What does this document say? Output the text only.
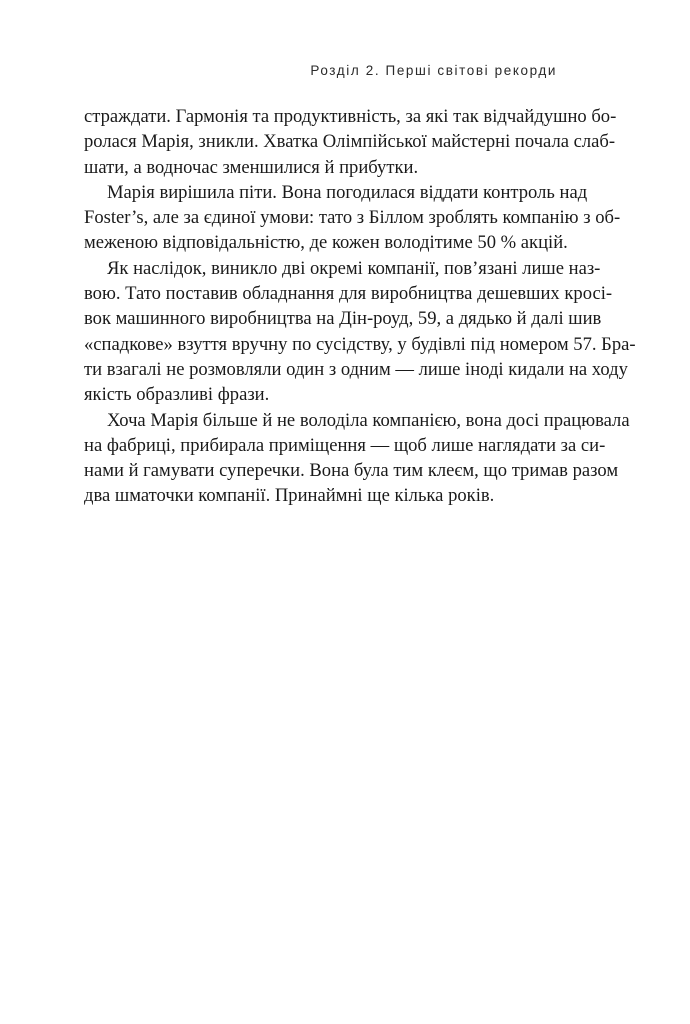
Розділ 2. Перші світові рекорди
страждати. Гармонія та продуктивність, за які так відчайдушно бо-
ролася Марія, зникли. Хватка Олімпійської майстерні почала слаб-
шати, а водночас зменшилися й прибутки.
Марія вирішила піти. Вона погодилася віддати контроль над
Foster’s, але за єдиної умови: тато з Біллом зроблять компанію з об-
меженою відповідальністю, де кожен володітиме 50 % акцій.
Як наслідок, виникло дві окремі компанії, пов’язані лише наз-
вою. Тато поставив обладнання для виробництва дешевших кросі-
вок машинного виробництва на Дін-роуд, 59, а дядько й далі шив
«спадкове» взуття вручну по сусідству, у будівлі під номером 57. Бра-
ти взагалі не розмовляли один з одним — лише іноді кидали на ходу
якість образливі фрази.
Хоча Марія більше й не володіла компанією, вона досі працювала
на фабриці, прибирала приміщення — щоб лише наглядати за си-
нами й гамувати суперечки. Вона була тим клеєм, що тримав разом
два шматочки компанії. Принаймні ще кілька років.
